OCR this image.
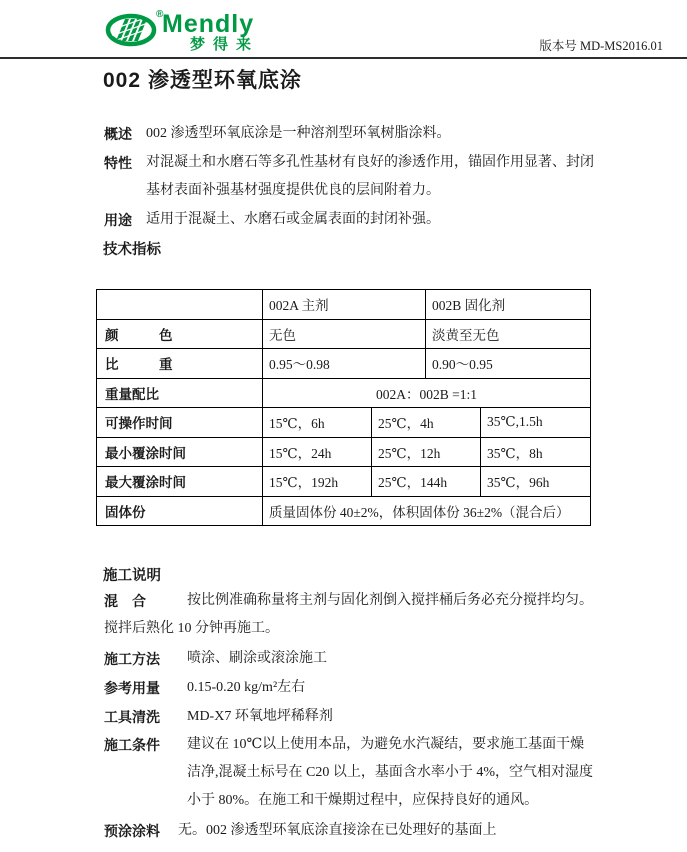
®
Mendly
梦得来	版本号 MD-MS2016.01
002 渗透型环氧底涂
概述	002 渗透型环氧底涂是一种溶剂型环氧树脂涂料。
特性	对混凝土和水磨石等多孔性基材有良好的渗透作用，锚固作用显著、封闭
基材表面补强基材强度提供优良的层间附着力。
用途	适用于混凝土、水磨石或金属表面的封闭补强。
技术指标
	002A 主剂		002B 固化剂	
颜　　　色	无色		淡黄至无色	
比　　　重	0.95～0.98		0.90～0.95	
重量配比	002A：002B =1:1			
可操作时间	15℃，6h	25℃，4h		35℃,1.5h
最小覆涂时间	15℃，24h	25℃，12h		35℃，8h
最大覆涂时间	15℃，192h	25℃，144h		35℃，96h
固体份	质量固体份 40±2%，体积固体份 36±2%（混合后）			
施工说明
混　合	按比例准确称量将主剂与固化剂倒入搅拌桶后务必充分搅拌均匀。
搅拌后熟化 10 分钟再施工。
施工方法	喷涂、刷涂或滚涂施工
参考用量	0.15-0.20 kg/m²左右
工具清洗	MD-X7 环氧地坪稀释剂
施工条件	建议在 10℃以上使用本品，为避免水汽凝结，要求施工基面干燥
洁净,混凝土标号在 C20 以上，基面含水率小于 4%，空气相对湿度
小于 80%。在施工和干燥期过程中，应保持良好的通风。
预涂涂料	无。002 渗透型环氧底涂直接涂在已处理好的基面上
